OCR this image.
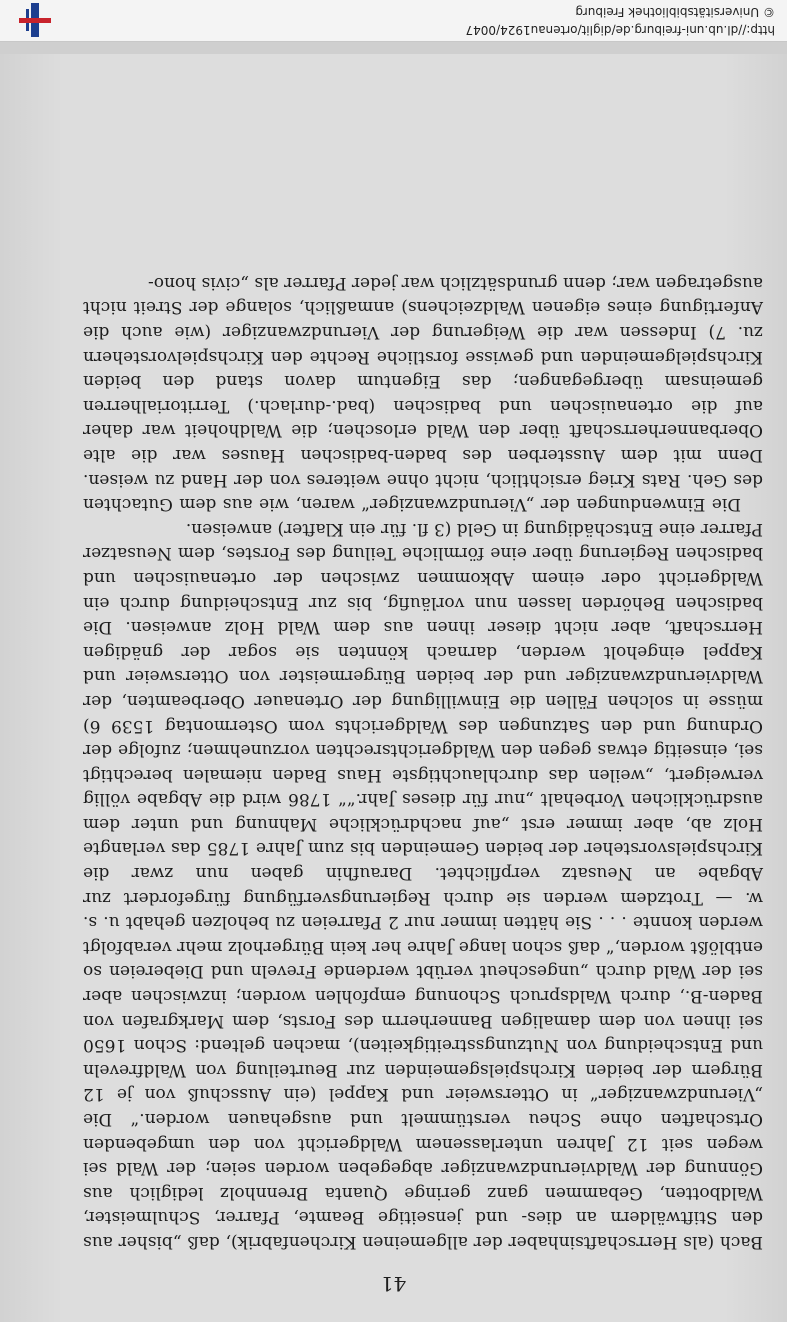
41

Bach (als Herrschaftsinhaber der allgemeinen Kirchenfabrik), daß „bisher aus den Stiftwäldern an dies- und jenseitige Beamte, Pfarrer, Schulmeister, Waldbotten, Gebammen ganz geringe Quanta Brennholz lediglich aus Gönnung der Waldvierundzwanziger abgegeben worden seien; der Wald sei wegen seit 12 Jahren unterlassenem Waldgericht von den umgebenden Ortschaften ohne Scheu verstümmelt und ausgehauen worden.“ Die „Vierundzwanziger“ in Ottersweier und Kappel (ein Ausschuß von je 12 Bürgern der beiden Kirchspielsgemeinden zur Beurteilung von Waldfreveln und Entscheidung von Nutzungsstreitigkeiten), machen geltend: Schon 1650 sei ihnen von dem damaligen Bannerherrn des Forsts, dem Markgrafen von Baden-B., durch Waldspruch Schonung empfohlen worden; inzwischen aber sei der Wald durch „ungescheut verübt werdende Freveln und Diebereien so entblößt worden,“ daß schon lange Jahre her kein Bürgerholz mehr verabfolgt werden konnte . . . Sie hätten immer nur 2 Pfarreien zu beholzen gehabt u. s. w. — Trotzdem werden sie durch Regierungsverfügung fürgefordert zur Abgabe an Neusatz verpflichtet. Daraufhin gaben nun zwar die Kirchspielsvorsteher der beiden Gemeinden bis zum Jahre 1785 das verlangte Holz ab, aber immer erst „auf nachdrückliche Mahnung und unter dem ausdrücklichen Vorbehalt „nur für dieses Jahr.““ 1786 wird die Abgabe völlig verweigert, „weilen das durchlauchtigste Haus Baden niemalen berechtigt sei, einseitig etwas gegen den Waldgerichtsrechten vorzunehmen; zufolge der Ordnung und den Satzungen des Waldgerichts vom Ostermontag 1539 6) müsse in solchen Fällen die Einwilligung der Ortenauer Oberbeamten, der Waldvierundzwanziger und der beiden Bürgermeister von Ottersweier und Kappel eingeholt werden, darnach könnten sie sogar der gnädigen Herrschaft, aber nicht dieser ihnen aus dem Wald Holz anweisen. Die badischen Behörden lassen nun vorläufig, bis zur Entscheidung durch ein Waldgericht oder einem Abkommen zwischen der ortenauischen und badischen Regierung über eine förmliche Teilung des Forstes, dem Neusatzer Pfarrer eine Entschädigung in Geld (3 fl. für ein Klafter) anweisen.

Die Einwendungen der „Vierundzwanziger“ waren, wie aus dem Gutachten des Geh. Rats Krieg ersichtlich, nicht ohne weiteres von der Hand zu weisen. Denn mit dem Aussterben des baden-badischen Hauses war die alte Oberbannerherrschaft über den Wald erloschen; die Waldhoheit war daher auf die ortenauischen und badischen (bad.-durlach.) Territorialherren gemeinsam übergegangen; das Eigentum davon stand den beiden Kirchspielgemeinden und gewisse forstliche Rechte den Kirchspielvorstehern zu. 7) Indessen war die Weigerung der Vierundzwanziger (wie auch die Anfertigung eines eigenen Waldzeichens) anmaßlich, solange der Streit nicht ausgetragen war; denn grundsätzlich war jeder Pfarrer als „civis hono-

http://dl.ub.uni-freiburg.de/diglit/ortenau1924/0047
© Universitätsbibliothek Freiburg
